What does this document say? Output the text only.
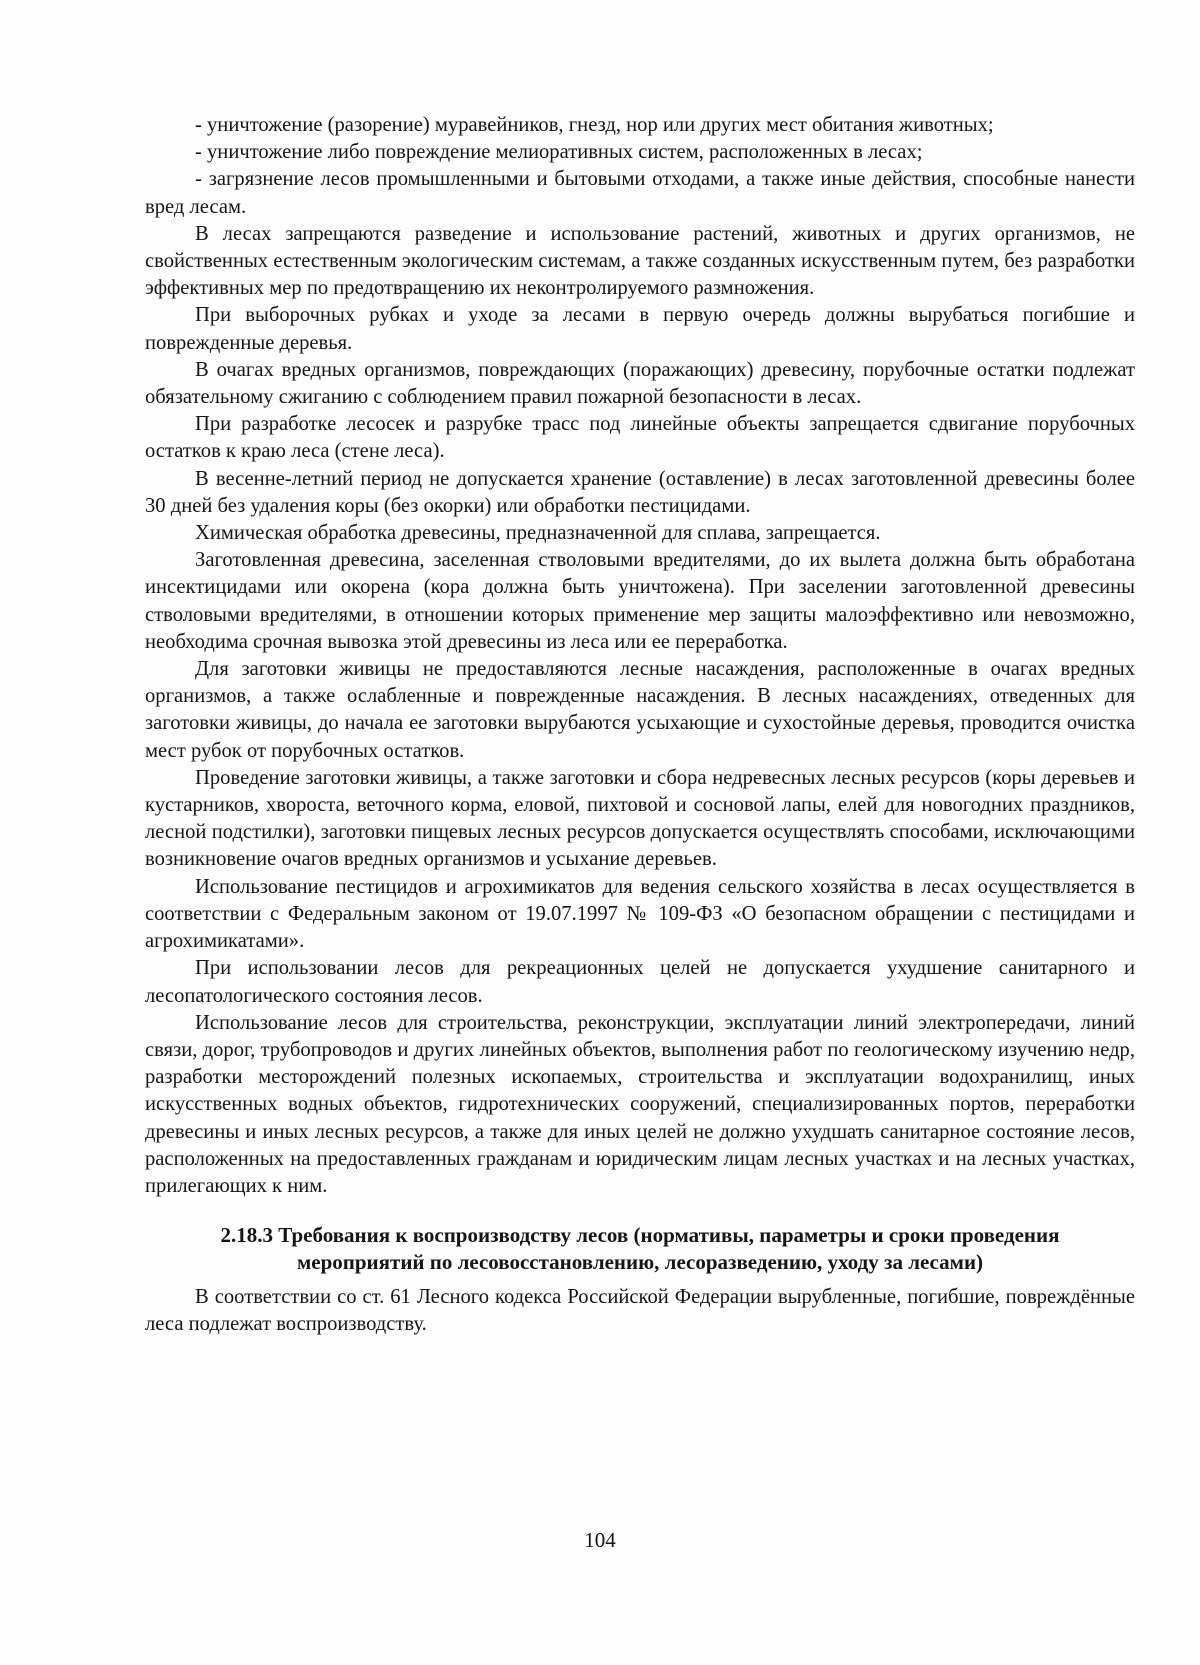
- уничтожение (разорение) муравейников, гнезд, нор или других мест обитания животных;

- уничтожение либо повреждение мелиоративных систем, расположенных в лесах;

- загрязнение лесов промышленными и бытовыми отходами, а также иные действия, способные нанести вред лесам.

В лесах запрещаются разведение и использование растений, животных и других организмов, не свойственных естественным экологическим системам, а также созданных искусственным путем, без разработки эффективных мер по предотвращению их неконтролируемого размножения.

При выборочных рубках и уходе за лесами в первую очередь должны вырубаться погибшие и поврежденные деревья.

В очагах вредных организмов, повреждающих (поражающих) древесину, порубочные остатки подлежат обязательному сжиганию с соблюдением правил пожарной безопасности в лесах.

При разработке лесосек и разрубке трасс под линейные объекты запрещается сдвигание порубочных остатков к краю леса (стене леса).

В весенне-летний период не допускается хранение (оставление) в лесах заготовленной древесины более 30 дней без удаления коры (без окорки) или обработки пестицидами.

Химическая обработка древесины, предназначенной для сплава, запрещается.

Заготовленная древесина, заселенная стволовыми вредителями, до их вылета должна быть обработана инсектицидами или окорена (кора должна быть уничтожена). При заселении заготовленной древесины стволовыми вредителями, в отношении которых применение мер защиты малоэффективно или невозможно, необходима срочная вывозка этой древесины из леса или ее переработка.

Для заготовки живицы не предоставляются лесные насаждения, расположенные в очагах вредных организмов, а также ослабленные и поврежденные насаждения. В лесных насаждениях, отведенных для заготовки живицы, до начала ее заготовки вырубаются усыхающие и сухостойные деревья, проводится очистка мест рубок от порубочных остатков.

Проведение заготовки живицы, а также заготовки и сбора недревесных лесных ресурсов (коры деревьев и кустарников, хвороста, веточного корма, еловой, пихтовой и сосновой лапы, елей для новогодних праздников, лесной подстилки), заготовки пищевых лесных ресурсов допускается осуществлять способами, исключающими возникновение очагов вредных организмов и усыхание деревьев.

Использование пестицидов и агрохимикатов для ведения сельского хозяйства в лесах осуществляется в соответствии с Федеральным законом от 19.07.1997 № 109-ФЗ «О безопасном обращении с пестицидами и агрохимикатами».

При использовании лесов для рекреационных целей не допускается ухудшение санитарного и лесопатологического состояния лесов.

Использование лесов для строительства, реконструкции, эксплуатации линий электропередачи, линий связи, дорог, трубопроводов и других линейных объектов, выполнения работ по геологическому изучению недр, разработки месторождений полезных ископаемых, строительства и эксплуатации водохранилищ, иных искусственных водных объектов, гидротехнических сооружений, специализированных портов, переработки древесины и иных лесных ресурсов, а также для иных целей не должно ухудшать санитарное состояние лесов, расположенных на предоставленных гражданам и юридическим лицам лесных участках и на лесных участках, прилегающих к ним.

2.18.3 Требования к воспроизводству лесов (нормативы, параметры и сроки проведения мероприятий по лесовосстановлению, лесоразведению, уходу за лесами)

В соответствии со ст. 61 Лесного кодекса Российской Федерации вырубленные, погибшие, повреждённые леса подлежат воспроизводству.

104
